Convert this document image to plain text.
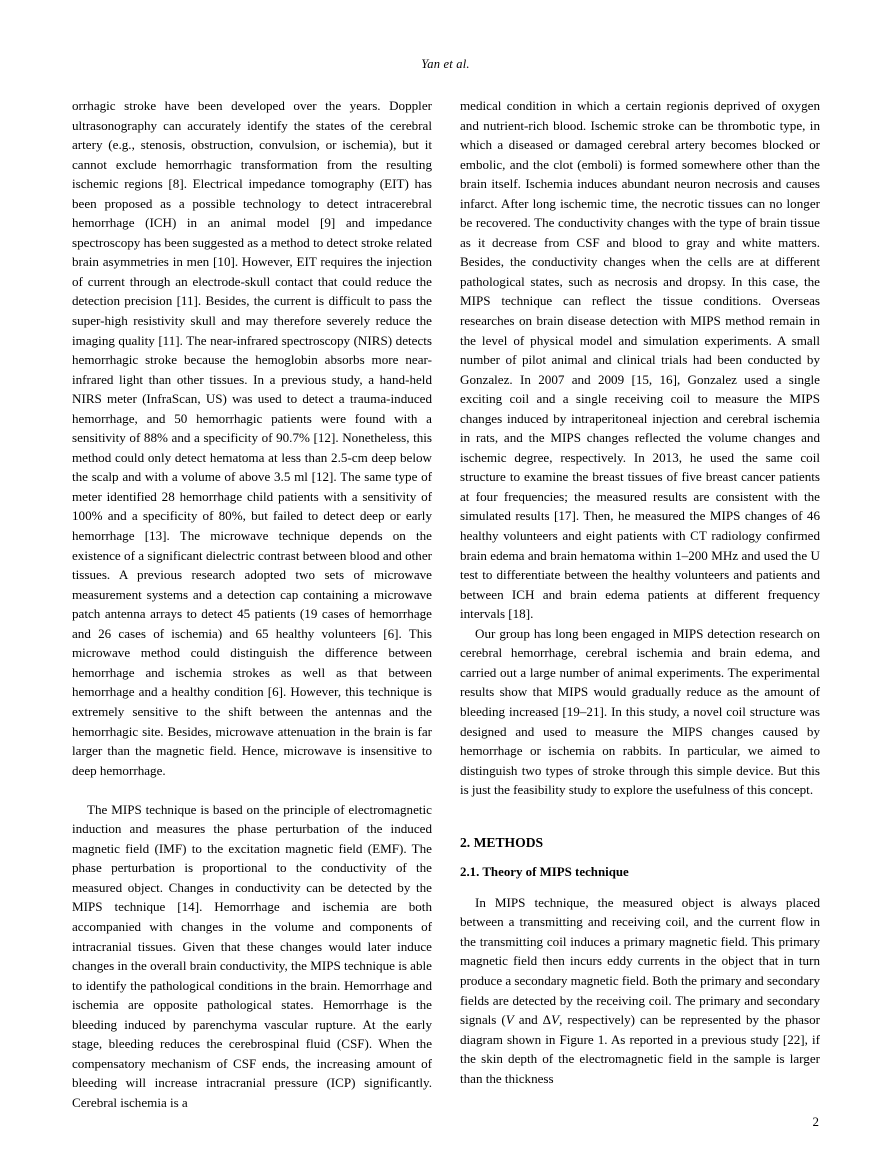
Yan et al.

orrhagic stroke have been developed over the years. Doppler ultrasonography can accurately identify the states of the cerebral artery (e.g., stenosis, obstruction, convulsion, or ischemia), but it cannot exclude hemorrhagic transformation from the resulting ischemic regions [8]. Electrical impedance tomography (EIT) has been proposed as a possible technology to detect intracerebral hemorrhage (ICH) in an animal model [9] and impedance spectroscopy has been suggested as a method to detect stroke related brain asymmetries in men [10]. However, EIT requires the injection of current through an electrode-skull contact that could reduce the detection precision [11]. Besides, the current is difficult to pass the super-high resistivity skull and may therefore severely reduce the imaging quality [11]. The near-infrared spectroscopy (NIRS) detects hemorrhagic stroke because the hemoglobin absorbs more near-infrared light than other tissues. In a previous study, a hand-held NIRS meter (InfraScan, US) was used to detect a trauma-induced hemorrhage, and 50 hemorrhagic patients were found with a sensitivity of 88% and a specificity of 90.7% [12]. Nonetheless, this method could only detect hematoma at less than 2.5-cm deep below the scalp and with a volume of above 3.5 ml [12]. The same type of meter identified 28 hemorrhage child patients with a sensitivity of 100% and a specificity of 80%, but failed to detect deep or early hemorrhage [13]. The microwave technique depends on the existence of a significant dielectric contrast between blood and other tissues. A previous research adopted two sets of microwave measurement systems and a detection cap containing a microwave patch antenna arrays to detect 45 patients (19 cases of hemorrhage and 26 cases of ischemia) and 65 healthy volunteers [6]. This microwave method could distinguish the difference between hemorrhage and ischemia strokes as well as that between hemorrhage and a healthy condition [6]. However, this technique is extremely sensitive to the shift between the antennas and the hemorrhagic site. Besides, microwave attenuation in the brain is far larger than the magnetic field. Hence, microwave is insensitive to deep hemorrhage.

The MIPS technique is based on the principle of electromagnetic induction and measures the phase perturbation of the induced magnetic field (IMF) to the excitation magnetic field (EMF). The phase perturbation is proportional to the conductivity of the measured object. Changes in conductivity can be detected by the MIPS technique [14]. Hemorrhage and ischemia are both accompanied with changes in the volume and components of intracranial tissues. Given that these changes would later induce changes in the overall brain conductivity, the MIPS technique is able to identify the pathological conditions in the brain. Hemorrhage and ischemia are opposite pathological states. Hemorrhage is the bleeding induced by parenchyma vascular rupture. At the early stage, bleeding reduces the cerebrospinal fluid (CSF). When the compensatory mechanism of CSF ends, the increasing amount of bleeding will increase intracranial pressure (ICP) significantly. Cerebral ischemia is a

medical condition in which a certain regionis deprived of oxygen and nutrient-rich blood. Ischemic stroke can be thrombotic type, in which a diseased or damaged cerebral artery becomes blocked or embolic, and the clot (emboli) is formed somewhere other than the brain itself. Ischemia induces abundant neuron necrosis and causes infarct. After long ischemic time, the necrotic tissues can no longer be recovered. The conductivity changes with the type of brain tissue as it decrease from CSF and blood to gray and white matters. Besides, the conductivity changes when the cells are at different pathological states, such as necrosis and dropsy. In this case, the MIPS technique can reflect the tissue conditions. Overseas researches on brain disease detection with MIPS method remain in the level of physical model and simulation experiments. A small number of pilot animal and clinical trials had been conducted by Gonzalez. In 2007 and 2009 [15, 16], Gonzalez used a single exciting coil and a single receiving coil to measure the MIPS changes induced by intraperitoneal injection and cerebral ischemia in rats, and the MIPS changes reflected the volume changes and ischemic degree, respectively. In 2013, he used the same coil structure to examine the breast tissues of five breast cancer patients at four frequencies; the measured results are consistent with the simulated results [17]. Then, he measured the MIPS changes of 46 healthy volunteers and eight patients with CT radiology confirmed brain edema and brain hematoma within 1–200 MHz and used the U test to differentiate between the healthy volunteers and patients and between ICH and brain edema patients at different frequency intervals [18].

Our group has long been engaged in MIPS detection research on cerebral hemorrhage, cerebral ischemia and brain edema, and carried out a large number of animal experiments. The experimental results show that MIPS would gradually reduce as the amount of bleeding increased [19–21]. In this study, a novel coil structure was designed and used to measure the MIPS changes caused by hemorrhage or ischemia on rabbits. In particular, we aimed to distinguish two types of stroke through this simple device. But this is just the feasibility study to explore the usefulness of this concept.

2. METHODS
2.1. Theory of MIPS technique

In MIPS technique, the measured object is always placed between a transmitting and receiving coil, and the current flow in the transmitting coil induces a primary magnetic field. This primary magnetic field then incurs eddy currents in the object that in turn produce a secondary magnetic field. Both the primary and secondary fields are detected by the receiving coil. The primary and secondary signals (V and ΔV, respectively) can be represented by the phasor diagram shown in Figure 1. As reported in a previous study [22], if the skin depth of the electromagnetic field in the sample is larger than the thickness

2
